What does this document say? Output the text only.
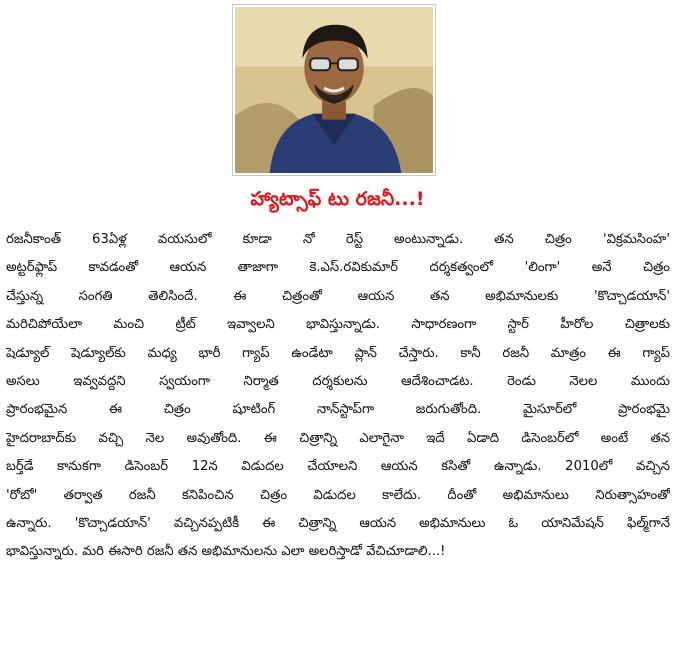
హ్యాట్సాఫ్ టు రజనీ...!

రజనీకాంత్ 63ఏళ్ల వయసులో కూడా నో రెస్ట్ అంటున్నాడు. తన చిత్రం 'విక్రమసింహ'

అట్టర్‌ఫ్లాప్ కావడంతో ఆయన తాజాగా కె.ఎస్.రవికుమార్ దర్శకత్వంలో 'లింగా' అనే చిత్రం

చేస్తున్న సంగతి తెలిసిందే. ఈ చిత్రంతో ఆయన తన అభిమానులకు 'కొచ్చాడయాన్'

మరిచిపోయేలా మంచి ట్రీట్ ఇవ్వాలని భావిస్తున్నాడు. సాధారణంగా స్టార్ హీరోల చిత్రాలకు

షెడ్యూల్ షెడ్యూల్‌కు మధ్య భారీ గ్యాప్ ఉండేటా ప్లాన్ చేస్తారు. కానీ రజనీ మాత్రం ఈ గ్యాప్

అసలు ఇవ్వవద్దని స్వయంగా నిర్మాత దర్శకులను ఆదేశించాడట. రెండు నెలల ముందు

ప్రారంభమైన ఈ చిత్రం షూటింగ్ నాన్‌స్టాప్‌గా జరుగుతోంది. మైసూర్‌లో ప్రారంభమై

హైదరాబాద్‌కు వచ్చి నెల అవుతోంది. ఈ చిత్రాన్ని ఎలాగైనా ఇదే ఏడాది డిసెంబర్‌లో అంటే తన

బర్త్‌డే కానుకగా డిసెంబర్ 12న విడుదల చేయాలని ఆయన కసితో ఉన్నాడు. 2010లో వచ్చిన

'రోబో' తర్వాత రజనీ కనిపించిన చిత్రం విడుదల కాలేదు. దీంతో అభిమానులు నిరుత్సాహంతో

ఉన్నారు. 'కొచ్చాడయాన్' వచ్చినప్పటికీ ఈ చిత్రాన్ని ఆయన అభిమానులు ఓ యానిమేషన్ ఫిల్మ్‌గానే

భావిస్తున్నారు. మరి ఈసారి రజనీ తన అభిమానులను ఎలా అలరిస్తాడో వేచిచూడాలి...!
